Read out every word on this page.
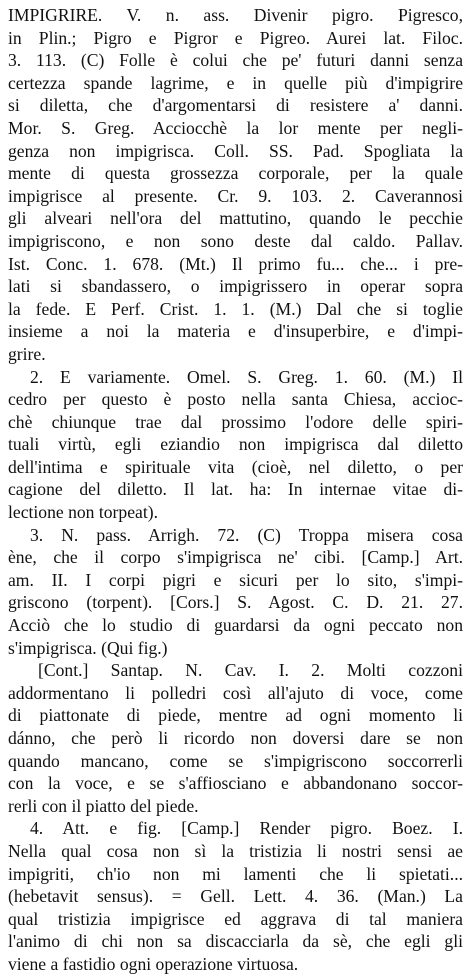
IMPIGRIRE. V. n. ass. Divenir pigro. Pigresco,
in Plin.; Pigro e Pigror e Pigreo. Aurei lat. Filoc.
3. 113. (C) Folle è colui che pe' futuri danni senza
certezza spande lagrime, e in quelle più d'impigrire
si diletta, che d'argomentarsi di resistere a' danni.
Mor. S. Greg. Acciocchè la lor mente per negli-
genza non impigrisca. Coll. SS. Pad. Spogliata la
mente di questa grossezza corporale, per la quale
impigrisce al presente. Cr. 9. 103. 2. Caverannosi
gli alveari nell'ora del mattutino, quando le pecchie
impigriscono, e non sono deste dal caldo. Pallav.
Ist. Conc. 1. 678. (Mt.) Il primo fu... che... i pre-
lati si sbandassero, o impigrissero in operar sopra
la fede. E Perf. Crist. 1. 1. (M.) Dal che si toglie
insieme a noi la materia e d'insuperbire, e d'impi-
grire.
2. E variamente. Omel. S. Greg. 1. 60. (M.) Il
cedro per questo è posto nella santa Chiesa, accioc-
chè chiunque trae dal prossimo l'odore delle spiri-
tuali virtù, egli eziandio non impigrisca dal diletto
dell'intima e spirituale vita (cioè, nel diletto, o per
cagione del diletto. Il lat. ha: In internae vitae di-
lectione non torpeat).
3. N. pass. Arrigh. 72. (C) Troppa misera cosa
ène, che il corpo s'impigrisca ne' cibi. [Camp.] Art.
am. II. I corpi pigri e sicuri per lo sito, s'impi-
griscono (torpent). [Cors.] S. Agost. C. D. 21. 27.
Acciò che lo studio di guardarsi da ogni peccato non
s'impigrisca. (Qui fig.)
[Cont.] Santap. N. Cav. I. 2. Molti cozzoni
addormentano li polledri così all'ajuto di voce, come
di piattonate di piede, mentre ad ogni momento li
dánno, che però li ricordo non doversi dare se non
quando mancano, come se s'impigriscono soccorrerli
con la voce, e se s'affiosciano e abbandonano soccor-
rerli con il piatto del piede.
4. Att. e fig. [Camp.] Render pigro. Boez. I.
Nella qual cosa non sì la tristizia li nostri sensi ae
impigriti, ch'io non mi lamenti che li spietati...
(hebetavit sensus). = Gell. Lett. 4. 36. (Man.) La
qual tristizia impigrisce ed aggrava di tal maniera
l'animo di chi non sa discacciarla da sè, che egli gli
viene a fastidio ogni operazione virtuosa.
